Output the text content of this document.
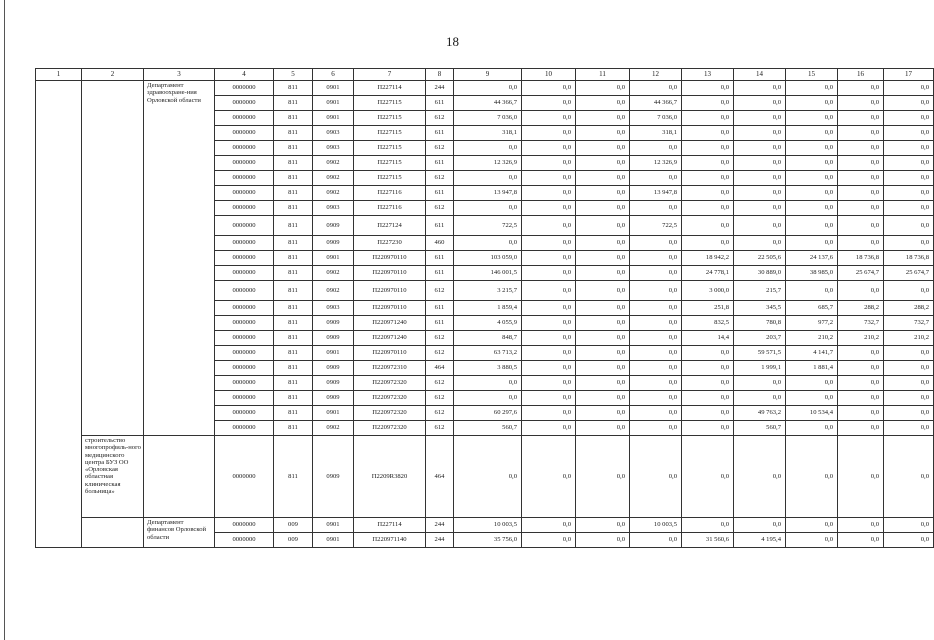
18
1	2	3	4	5	6	7	8	9	10	11	12	13	14	15	16	17
		Департамент здравоохране-ния Орловской области	0000000	811	0901	П227114	244	0,0	0,0	0,0	0,0	0,0	0,0	0,0	0,0	0,0
			0000000	811	0901	П227115	611	44 366,7	0,0	0,0	44 366,7	0,0	0,0	0,0	0,0	0,0
			0000000	811	0901	П227115	612	7 036,0	0,0	0,0	7 036,0	0,0	0,0	0,0	0,0	0,0
			0000000	811	0903	П227115	611	318,1	0,0	0,0	318,1	0,0	0,0	0,0	0,0	0,0
			0000000	811	0903	П227115	612	0,0	0,0	0,0	0,0	0,0	0,0	0,0	0,0	0,0
			0000000	811	0902	П227115	611	12 326,9	0,0	0,0	12 326,9	0,0	0,0	0,0	0,0	0,0
			0000000	811	0902	П227115	612	0,0	0,0	0,0	0,0	0,0	0,0	0,0	0,0	0,0
			0000000	811	0902	П227116	611	13 947,8	0,0	0,0	13 947,8	0,0	0,0	0,0	0,0	0,0
			0000000	811	0903	П227116	612	0,0	0,0	0,0	0,0	0,0	0,0	0,0	0,0	0,0
			0000000	811	0909	П227124	611	722,5	0,0	0,0	722,5	0,0	0,0	0,0	0,0	0,0
			0000000	811	0909	П227230	460	0,0	0,0	0,0	0,0	0,0	0,0	0,0	0,0	0,0
			0000000	811	0901	П220970110	611	103 059,0	0,0	0,0	0,0	18 942,2	22 505,6	24 137,6	18 736,8	18 736,8
			0000000	811	0902	П220970110	611	146 001,5	0,0	0,0	0,0	24 778,1	30 889,0	38 985,0	25 674,7	25 674,7
			0000000	811	0902	П220970110	612	3 215,7	0,0	0,0	0,0	3 000,0	215,7	0,0	0,0	0,0
			0000000	811	0903	П220970110	611	1 859,4	0,0	0,0	0,0	251,8	345,5	685,7	288,2	288,2
			0000000	811	0909	П220971240	611	4 055,9	0,0	0,0	0,0	832,5	780,8	977,2	732,7	732,7
			0000000	811	0909	П220971240	612	848,7	0,0	0,0	0,0	14,4	203,7	210,2	210,2	210,2
			0000000	811	0901	П220970110	612	63 713,2	0,0	0,0	0,0	0,0	59 571,5	4 141,7	0,0	0,0
			0000000	811	0909	П220972310	464	3 880,5	0,0	0,0	0,0	0,0	1 999,1	1 881,4	0,0	0,0
			0000000	811	0909	П220972320	612	0,0	0,0	0,0	0,0	0,0	0,0	0,0	0,0	0,0
			0000000	811	0909	П220972320	612	0,0	0,0	0,0	0,0	0,0	0,0	0,0	0,0	0,0
			0000000	811	0901	П220972320	612	60 297,6	0,0	0,0	0,0	0,0	49 763,2	10 534,4	0,0	0,0
			0000000	811	0902	П220972320	612	560,7	0,0	0,0	0,0	0,0	560,7	0,0	0,0	0,0
	строительство многопрофиль-ного медицинского центра БУЗ ОО «Орловская областная клиническая больница»		0000000	811	0909	П2209R3820	464	0,0	0,0	0,0	0,0	0,0	0,0	0,0	0,0	0,0
		Департамент финансов Орловской области	0000000	009	0901	П227114	244	10 003,5	0,0	0,0	10 003,5	0,0	0,0	0,0	0,0	0,0
			0000000	009	0901	П220971140	244	35 756,0	0,0	0,0	0,0	31 560,6	4 195,4	0,0	0,0	0,0
